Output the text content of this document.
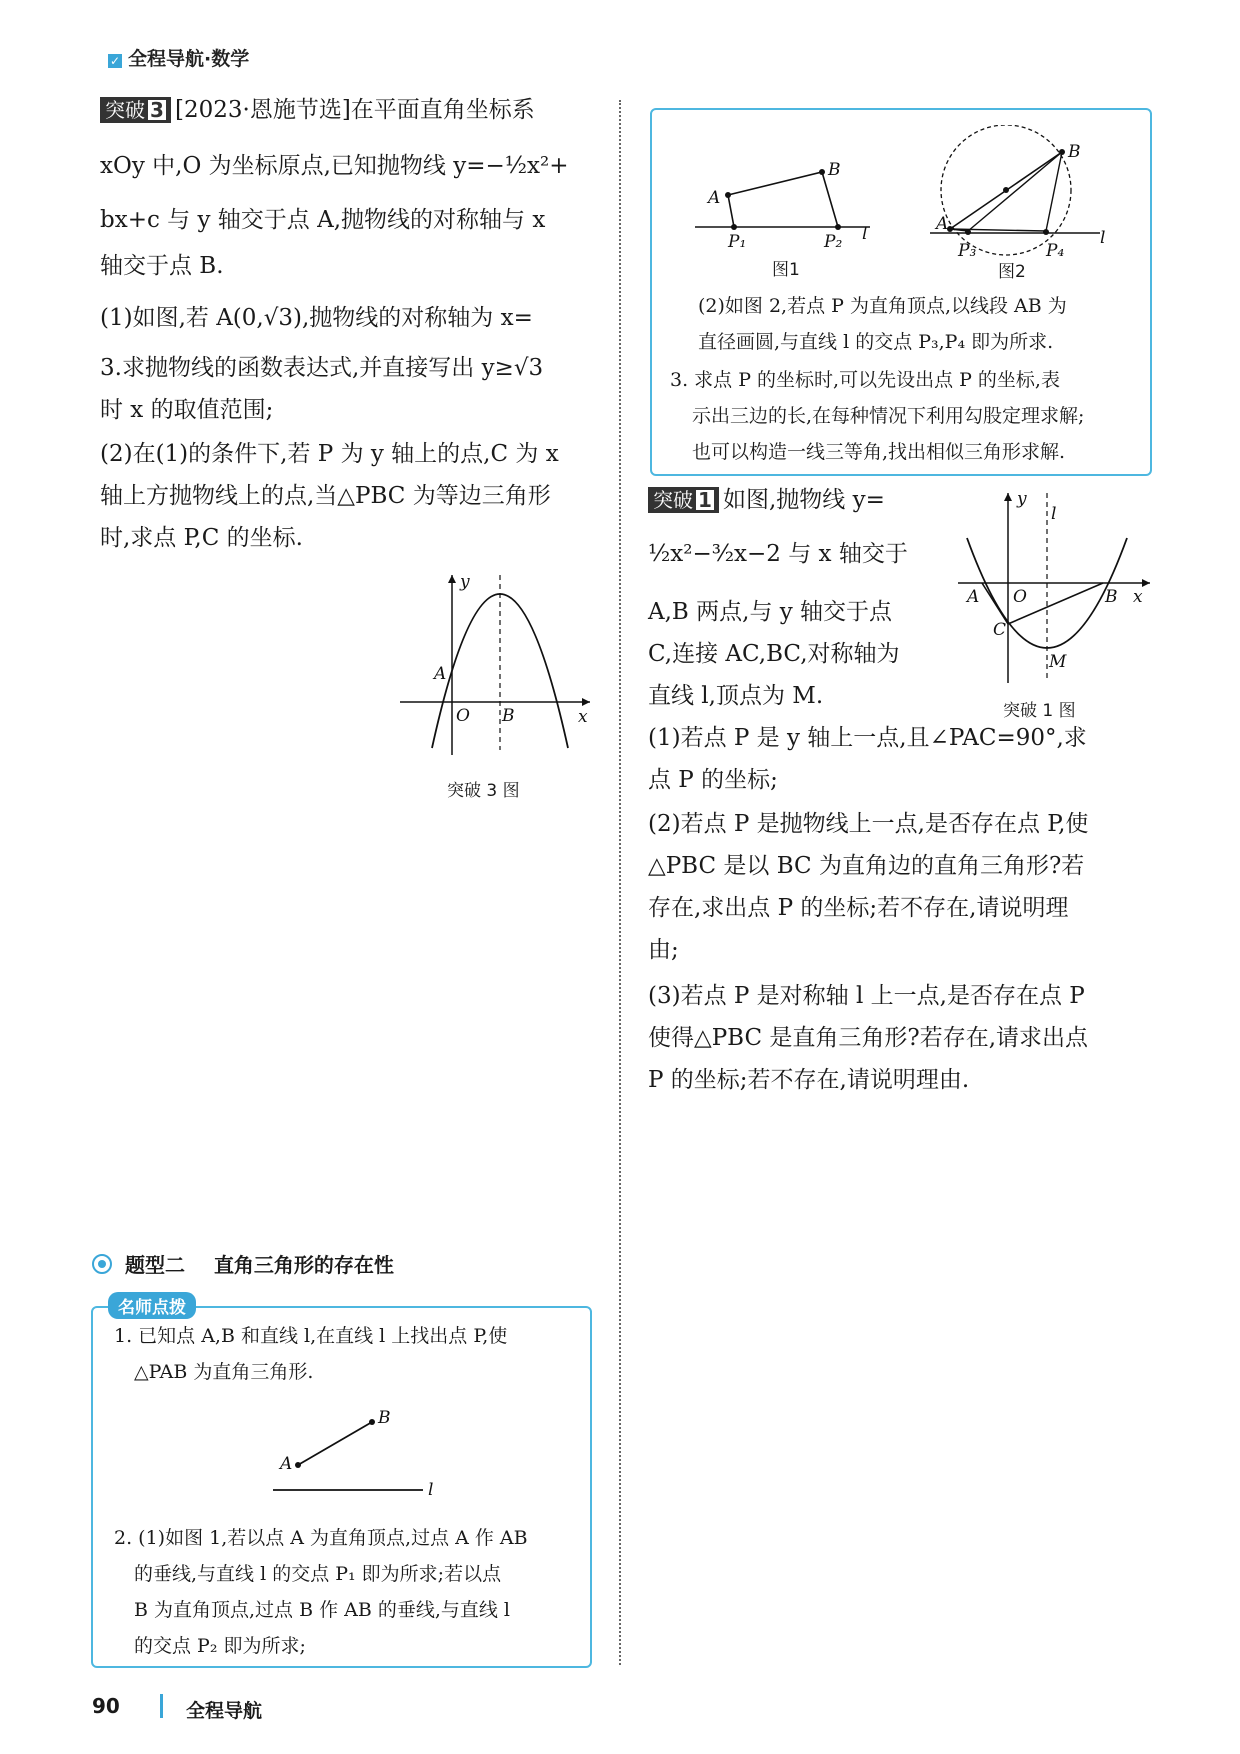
✓ 全程导航·数学
突破 3 [2023·恩施节选]在平面直角坐标系
xOy 中,O 为坐标原点,已知抛物线 y=−½x²+
bx+c 与 y 轴交于点 A,抛物线的对称轴与 x
轴交于点 B.
(1)如图,若 A(0,√3),抛物线的对称轴为 x=
3.求抛物线的函数表达式,并直接写出 y≥√3
时 x 的取值范围;
(2)在(1)的条件下,若 P 为 y 轴上的点,C 为 x
轴上方抛物线上的点,当△PBC 为等边三角形
时,求点 P,C 的坐标.
y
x
A
O B
突破 3 图
题型二 直角三角形的存在性
名师点拨
1. 已知点 A,B 和直线 l,在直线 l 上找出点 P,使
△PAB 为直角三角形.
A
B
l
2. (1)如图 1,若以点 A 为直角顶点,过点 A 作 AB
的垂线,与直线 l 的交点 P₁ 即为所求;若以点
B 为直角顶点,过点 B 作 AB 的垂线,与直线 l
的交点 P₂ 即为所求;
A
B
P₁	P₂ l
图1
A
B
P₃	P₄
l
图2
(2)如图 2,若点 P 为直角顶点,以线段 AB 为
直径画圆,与直线 l 的交点 P₃,P₄ 即为所求.
3. 求点 P 的坐标时,可以先设出点 P 的坐标,表
示出三边的长,在每种情况下利用勾股定理求解;
也可以构造一线三等角,找出相似三角形求解.
突破 1 如图,抛物线 y=
½x²−³⁄₂x−2 与 x 轴交于
A,B 两点,与 y 轴交于点
C,连接 AC,BC,对称轴为
直线 l,顶点为 M.
y
x
l
A O	B
C
M
突破 1 图
(1)若点 P 是 y 轴上一点,且∠PAC=90°,求
点 P 的坐标;
(2)若点 P 是抛物线上一点,是否存在点 P,使
△PBC 是以 BC 为直角边的直角三角形?若
存在,求出点 P 的坐标;若不存在,请说明理
由;
(3)若点 P 是对称轴 l 上一点,是否存在点 P
使得△PBC 是直角三角形?若存在,请求出点
P 的坐标;若不存在,请说明理由.
90	全程导航
